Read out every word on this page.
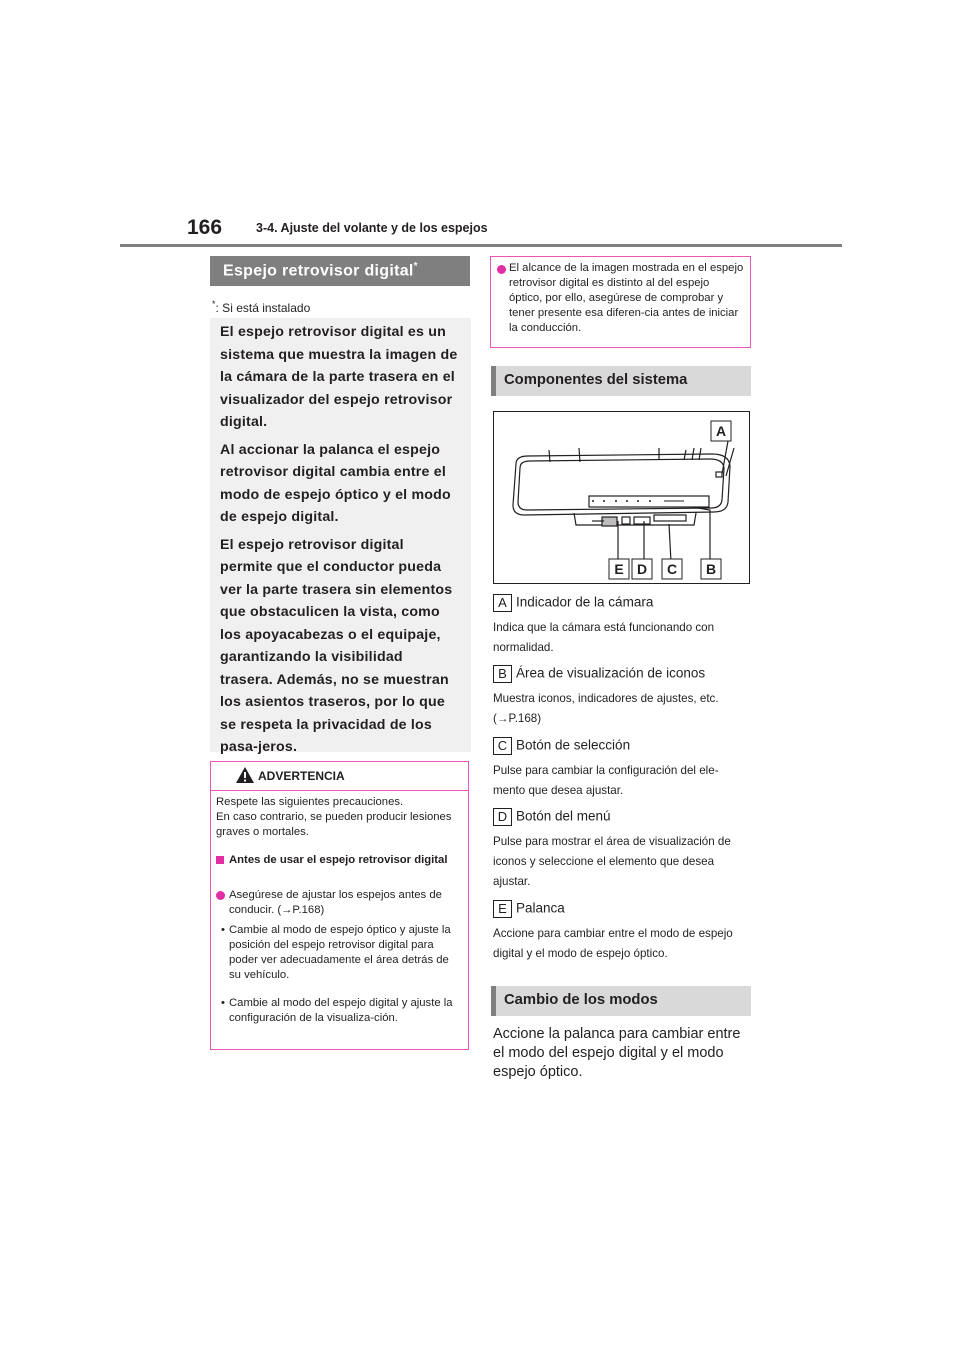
166	3-4. Ajuste del volante y de los espejos
Espejo retrovisor digital*
*: Si está instalado

El espejo retrovisor digital es un sistema que muestra la imagen de la cámara de la parte trasera en el visualizador del espejo retrovisor digital.

Al accionar la palanca el espejo retrovisor digital cambia entre el modo de espejo óptico y el modo de espejo digital.

El espejo retrovisor digital permite que el conductor pueda ver la parte trasera sin elementos que obstaculicen la vista, como los apoyacabezas o el equipaje, garantizando la visibilidad trasera. Además, no se muestran los asientos traseros, por lo que se respeta la privacidad de los pasa-jeros.

ADVERTENCIA
Respete las siguientes precauciones.
En caso contrario, se pueden producir lesiones graves o mortales.
Antes de usar el espejo retrovisor digital
Asegúrese de ajustar los espejos antes de conducir. (→P.168)
• Cambie al modo de espejo óptico y ajuste la posición del espejo retrovisor digital para poder ver adecuadamente el área detrás de su vehículo.
• Cambie al modo del espejo digital y ajuste la configuración de la visualiza-ción.
El alcance de la imagen mostrada en el espejo retrovisor digital es distinto al del espejo óptico, por ello, asegúrese de comprobar y tener presente esa diferen-cia antes de iniciar la conducción.
Componentes del sistema
A
E D C B
A Indicador de la cámara
Indica que la cámara está funcionando con normalidad.
B Área de visualización de iconos
Muestra iconos, indicadores de ajustes, etc. (→P.168)
C Botón de selección
Pulse para cambiar la configuración del ele-mento que desea ajustar.
D Botón del menú
Pulse para mostrar el área de visualización de iconos y seleccione el elemento que desea ajustar.
E Palanca
Accione para cambiar entre el modo de espejo digital y el modo de espejo óptico.
Cambio de los modos
Accione la palanca para cambiar entre el modo del espejo digital y el modo espejo óptico.
